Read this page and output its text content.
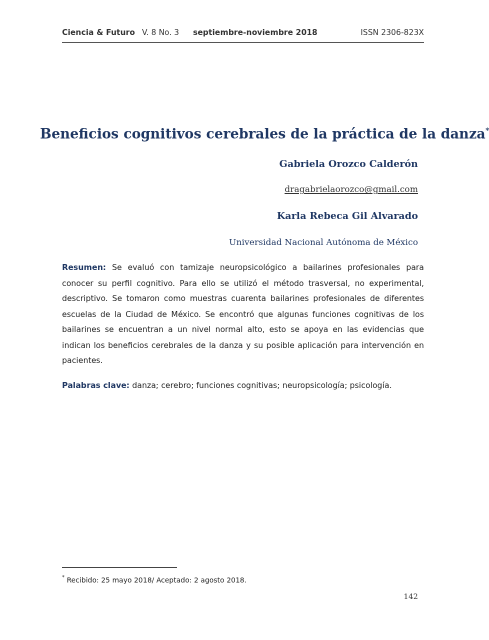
Ciencia & Futuro V. 8 No. 3 septiembre-noviembre 2018	ISSN 2306-823X
Beneficios cognitivos cerebrales de la práctica de la danza*
Gabriela Orozco Calderón
dragabrielaorozco@gmail.com
Karla Rebeca Gil Alvarado
Universidad Nacional Autónoma de México

Resumen: Se evaluó con tamizaje neuropsicológico a bailarines profesionales para conocer su perfil cognitivo. Para ello se utilizó el método trasversal, no experimental, descriptivo. Se tomaron como muestras cuarenta bailarines profesionales de diferentes escuelas de la Ciudad de México. Se encontró que algunas funciones cognitivas de los bailarines se encuentran a un nivel normal alto, esto se apoya en las evidencias que indican los beneficios cerebrales de la danza y su posible aplicación para intervención en pacientes.

Palabras clave: danza; cerebro; funciones cognitivas; neuropsicología; psicología.

* Recibido: 25 mayo 2018/ Aceptado: 2 agosto 2018.
142
